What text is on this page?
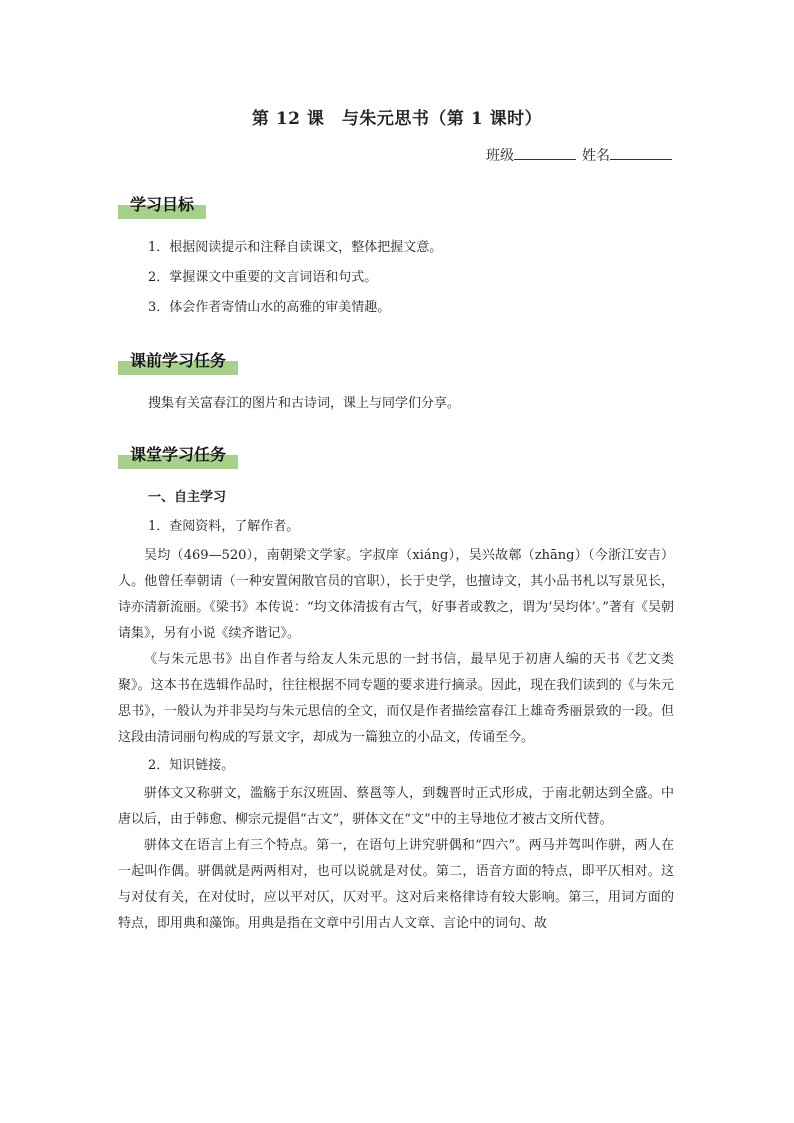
第 12 课　与朱元思书（第 1 课时）
班级	姓名
学习目标

1．根据阅读提示和注释自读课文，整体把握文意。

2．掌握课文中重要的文言词语和句式。

3．体会作者寄情山水的高雅的审美情趣。

课前学习任务

搜集有关富春江的图片和古诗词，课上与同学们分享。

课堂学习任务

一、自主学习

1．查阅资料，了解作者。

吴均（469—520），南朝梁文学家。字叔庠（xiáng），吴兴故鄣（zhāng）（今浙江安吉）人。他曾任奉朝请（一种安置闲散官员的官职），长于史学，也擅诗文，其小品书札以写景见长，诗亦清新流丽。《梁书》本传说：“均文体清拔有古气，好事者或教之，谓为‘吴均体’。”著有《吴朝请集》，另有小说《续齐谐记》。

《与朱元思书》出自作者与给友人朱元思的一封书信，最早见于初唐人编的天书《艺文类聚》。这本书在选辑作品时，往往根据不同专题的要求进行摘录。因此，现在我们读到的《与朱元思书》，一般认为并非吴均与朱元思信的全文，而仅是作者描绘富春江上雄奇秀丽景致的一段。但这段由清词丽句构成的写景文字，却成为一篇独立的小品文，传诵至今。

2．知识链接。

骈体文又称骈文，滥觞于东汉班固、蔡邕等人，到魏晋时正式形成，于南北朝达到全盛。中唐以后，由于韩愈、柳宗元提倡“古文”，骈体文在“文”中的主导地位才被古文所代替。

骈体文在语言上有三个特点。第一，在语句上讲究骈偶和“四六”。两马并驾叫作骈，两人在一起叫作偶。骈偶就是两两相对，也可以说就是对仗。第二，语音方面的特点，即平仄相对。这与对仗有关，在对仗时，应以平对仄，仄对平。这对后来格律诗有较大影响。第三，用词方面的特点，即用典和藻饰。用典是指在文章中引用古人文章、言论中的词句、故
